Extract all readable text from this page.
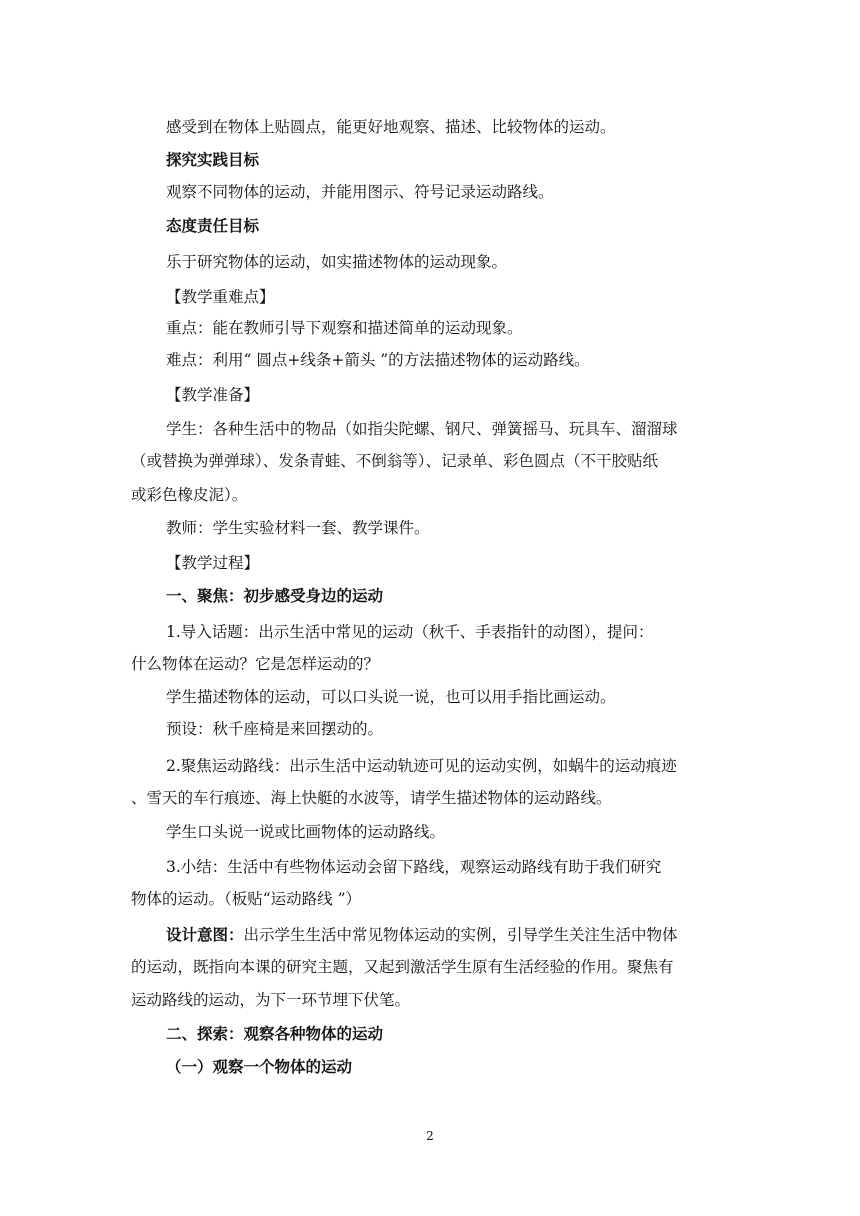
感受到在物体上贴圆点，能更好地观察、描述、比较物体的运动。
探究实践目标
观察不同物体的运动，并能用图示、符号记录运动路线。
态度责任目标
乐于研究物体的运动，如实描述物体的运动现象。
【教学重难点】
重点：能在教师引导下观察和描述简单的运动现象。
难点：利用“ 圆点+线条+箭头 ”的方法描述物体的运动路线。
【教学准备】
学生：各种生活中的物品（如指尖陀螺、钢尺、弹簧摇马、玩具车、溜溜球
（或替换为弹弹球）、发条青蛙、不倒翁等）、记录单、彩色圆点（不干胶贴纸
或彩色橡皮泥）。
教师：学生实验材料一套、教学课件。
【教学过程】
一、聚焦：初步感受身边的运动
1.导入话题：出示生活中常见的运动（秋千、手表指针的动图），提问：
什么物体在运动？它是怎样运动的？
学生描述物体的运动，可以口头说一说，也可以用手指比画运动。
预设：秋千座椅是来回摆动的。
2.聚焦运动路线：出示生活中运动轨迹可见的运动实例，如蜗牛的运动痕迹
、雪天的车行痕迹、海上快艇的水波等，请学生描述物体的运动路线。
学生口头说一说或比画物体的运动路线。
3.小结：生活中有些物体运动会留下路线，观察运动路线有助于我们研究
物体的运动。（板贴“运动路线 ”）
设计意图：出示学生生活中常见物体运动的实例，引导学生关注生活中物体
的运动，既指向本课的研究主题，又起到激活学生原有生活经验的作用。聚焦有
运动路线的运动，为下一环节埋下伏笔。
二、探索：观察各种物体的运动
（一）观察一个物体的运动
2
